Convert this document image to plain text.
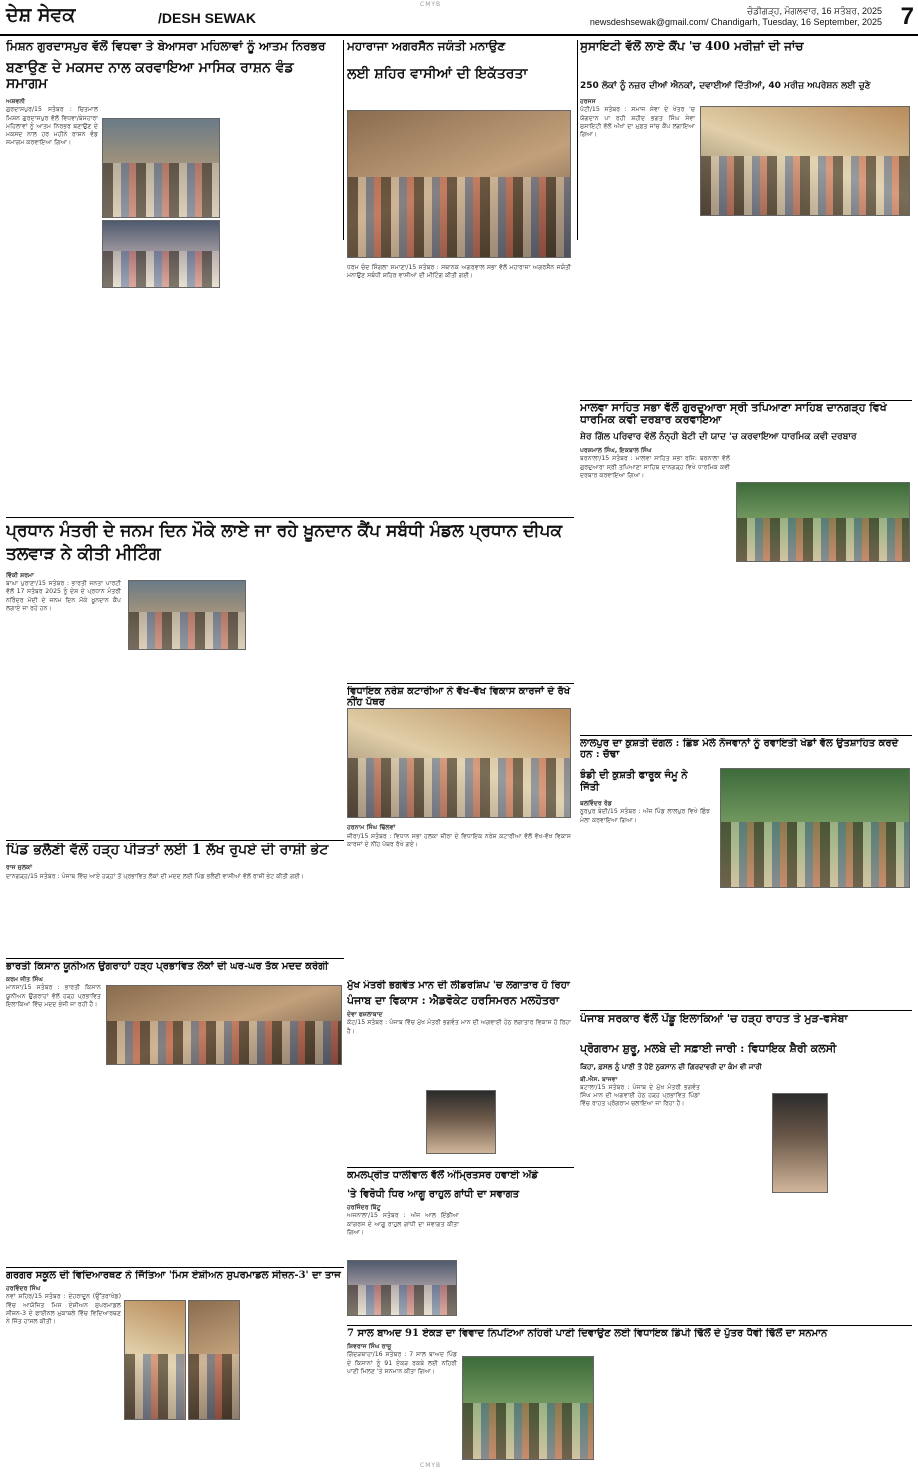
CMYB
ਦੇਸ਼ ਸੇਵਕ	/DESH SEWAK	ਚੰਡੀਗੜ੍ਹ, ਮੰਗਲਵਾਰ, 16 ਸਤੰਬਰ, 2025
newsdeshsewak@gmail.com/ Chandigarh, Tuesday, 16 September, 2025 7
ਮਿਸ਼ਨ ਗੁਰਦਾਸਪੁਰ ਵੱਲੋਂ ਵਿਧਵਾ ਤੇ ਬੇਆਸਰਾ ਮਹਿਲਾਵਾਂ ਨੂੰ ਆਤਮ ਨਿਰਭਰ
ਬਣਾਉਣ ਦੇ ਮਕਸਦ ਨਾਲ ਕਰਵਾਇਆ ਮਾਸਿਕ ਰਾਸ਼ਨ ਵੰਡ ਸਮਾਗਮ
ਅਸ਼ਵਨੀ
ਗੁਰਦਾਸਪੁਰ/15 ਸਤੰਬਰ : ਚਿਤਮਾਲ ਮਿਸ਼ਨ ਗੁਰਦਾਸਪੁਰ ਵੱਲੋਂ ਵਿਧਵਾ/ਬੇਸਹਾਰਾ ਮਹਿਲਾਵਾਂ ਨੂੰ ਆਤਮ ਨਿਰਭਰ ਬਣਾਉਣ ਦੇ ਮਕਸਦ ਨਾਲ ਹਰ ਮਹੀਨੇ ਰਾਸ਼ਨ ਵੰਡ ਸਮਾਗਮ ਕਰਵਾਇਆ ਗਿਆ।
ਮਹਾਰਾਜਾ ਅਗਰਸੈਨ ਜਯੰਤੀ ਮਨਾਉਣ
ਲਈ ਸ਼ਹਿਰ ਵਾਸੀਆਂ ਦੀ ਇਕੱਤਰਤਾ
ਧਰਮ ਚੰਦ ਸਿੰਗਲਾ ਸਮਾਣਾ/15 ਸਤੰਬਰ : ਸਥਾਨਕ ਅਗਰਵਾਲ ਸਭਾ ਵੱਲੋਂ ਮਹਾਰਾਜਾ ਅਗਰਸੈਨ ਜਯੰਤੀ ਮਨਾਉਣ ਸਬੰਧੀ ਸ਼ਹਿਰ ਵਾਸੀਆਂ ਦੀ ਮੀਟਿੰਗ ਕੀਤੀ ਗਈ।
ਸੁਸਾਇਟੀ ਵੱਲੋਂ ਲਾਏ ਕੈਂਪ 'ਚ 400 ਮਰੀਜ਼ਾਂ ਦੀ ਜਾਂਚ
250 ਲੋਕਾਂ ਨੂੰ ਨਜ਼ਰ ਦੀਆਂ ਐਨਕਾਂ, ਦਵਾਈਆਂ ਦਿੱਤੀਆਂ, 40 ਮਰੀਜ਼ ਅਪਰੇਸ਼ਨ ਲਈ ਚੁਣੇ
ਹਰਜਸ
ਪੱਟੀ/15 ਸਤੰਬਰ : ਸਮਾਜ ਸੇਵਾ ਦੇ ਖੇਤਰ 'ਚ ਯੋਗਦਾਨ ਪਾ ਰਹੀ ਸ਼ਹੀਦ ਭਗਤ ਸਿੰਘ ਸੇਵਾ ਸੁਸਾਇਟੀ ਵੱਲੋਂ ਅੱਖਾਂ ਦਾ ਮੁਫ਼ਤ ਜਾਂਚ ਕੈਂਪ ਲਗਾਇਆ ਗਿਆ।
ਪ੍ਰਧਾਨ ਮੰਤਰੀ ਦੇ ਜਨਮ ਦਿਨ ਮੌਕੇ ਲਾਏ ਜਾ ਰਹੇ ਖ਼ੂਨਦਾਨ ਕੈਂਪ ਸਬੰਧੀ ਮੰਡਲ ਪ੍ਰਧਾਨ ਦੀਪਕ ਤਲਵਾੜ ਨੇ ਕੀਤੀ ਮੀਟਿੰਗ
ਵਿੱਕੀ ਸ਼ਰਮਾ
ਬਾਘਾ ਪੁਰਾਣਾ/15 ਸਤੰਬਰ : ਭਾਰਤੀ ਜਨਤਾ ਪਾਰਟੀ ਵੱਲੋਂ 17 ਸਤੰਬਰ 2025 ਨੂੰ ਦੇਸ਼ ਦੇ ਪ੍ਰਧਾਨ ਮੰਤਰੀ ਨਰਿੰਦਰ ਮੋਦੀ ਦੇ ਜਨਮ ਦਿਨ ਮੌਕੇ ਖ਼ੂਨਦਾਨ ਕੈਂਪ ਲਗਾਏ ਜਾ ਰਹੇ ਹਨ।
ਮਾਲਵਾ ਸਾਹਿਤ ਸਭਾ ਵੱਲੋਂ ਗੁਰਦੁਆਰਾ ਸ੍ਰੀ ਤਪਿਆਣਾ ਸਾਹਿਬ ਦਾਨਗੜ੍ਹ ਵਿਖੇ ਧਾਰਮਿਕ ਕਵੀ ਦਰਬਾਰ ਕਰਵਾਇਆ
ਸ਼ੇਰ ਗਿੱਲ ਪਰਿਵਾਰ ਵੱਲੋਂ ਨੰਨ੍ਹੀ ਬੇਟੀ ਦੀ ਯਾਦ 'ਚ ਕਰਵਾਇਆ ਧਾਰਮਿਕ ਕਵੀ ਦਰਬਾਰ
ਪਰਸ਼ਮਾਲ ਸਿੰਘ, ਇਕਬਾਲ ਸਿੰਘ
ਬਰਨਾਲਾ/15 ਸਤੰਬਰ : ਮਾਲਵਾ ਸਾਹਿਤ ਸਭਾ ਰਜਿ: ਬਰਨਾਲਾ ਵੱਲੋਂ ਗੁਰਦੁਆਰਾ ਸ੍ਰੀ ਤਪਿਆਣਾ ਸਾਹਿਬ ਦਾਨਗੜ੍ਹ ਵਿਖੇ ਧਾਰਮਿਕ ਕਵੀ ਦਰਬਾਰ ਕਰਵਾਇਆ ਗਿਆ।
ਵਿਧਾਇਕ ਨਰੇਸ਼ ਕਟਾਰੀਆ ਨੇ ਵੱਖ-ਵੱਖ ਵਿਕਾਸ ਕਾਰਜਾਂ ਦੇ ਰੱਖੇ ਨੀਂਹ ਪੱਥਰ
ਹਰਨਾਮ ਸਿੰਘ ਢਿੱਲਵਾਂ
ਜ਼ੀਰਾ/15 ਸਤੰਬਰ : ਵਿਧਾਨ ਸਭਾ ਹਲਕਾ ਜ਼ੀਰਾ ਦੇ ਵਿਧਾਇਕ ਨਰੇਸ਼ ਕਟਾਰੀਆ ਵੱਲੋਂ ਵੱਖ-ਵੱਖ ਵਿਕਾਸ ਕਾਰਜਾਂ ਦੇ ਨੀਂਹ ਪੱਥਰ ਰੱਖੇ ਗਏ।
ਪਿੰਡ ਭਲੈਣੀ ਵੱਲੋਂ ਹੜ੍ਹ ਪੀੜਤਾਂ ਲਈ 1 ਲੱਖ ਰੁਪਏ ਦੀ ਰਾਸ਼ੀ ਭੇਟ
ਰਾਜ ਜੁਲਕਾਂ
ਦਾਨਗੜ੍ਹ/15 ਸਤੰਬਰ : ਪੰਜਾਬ ਵਿੱਚ ਆਏ ਹੜ੍ਹਾਂ ਤੋਂ ਪ੍ਰਭਾਵਿਤ ਲੋਕਾਂ ਦੀ ਮਦਦ ਲਈ ਪਿੰਡ ਭਲੈਣੀ ਵਾਸੀਆਂ ਵੱਲੋਂ ਰਾਸ਼ੀ ਭੇਟ ਕੀਤੀ ਗਈ।
ਲਾਲਪੁਰ ਦਾ ਕੁਸ਼ਤੀ ਦੰਗਲ : ਛਿੰਝ ਮੇਲੇ ਨੌਜਵਾਨਾਂ ਨੂੰ ਰਵਾਇਤੀ ਖੇਡਾਂ ਵੱਲ ਉਤਸ਼ਾਹਿਤ ਕਰਦੇ ਹਨ : ਚੱਢਾ
ਝੰਡੀ ਦੀ ਕੁਸ਼ਤੀ ਫਾਰੂਕ ਜੰਮੂ ਨੇ ਜਿੱਤੀ
ਬਲਵਿੰਦਰ ਰੋਡ
ਨੂਰਪੁਰ ਬੇਦੀ/15 ਸਤੰਬਰ : ਅੱਜ ਪਿੰਡ ਲਾਲਪੁਰ ਵਿਖੇ ਛਿੰਝ ਮੇਲਾ ਕਰਵਾਇਆ ਗਿਆ।
ਮੁੱਖ ਮੰਤਰੀ ਭਗਵੰਤ ਮਾਨ ਦੀ ਲੀਡਰਸ਼ਿਪ 'ਚ ਲਗਾਤਾਰ ਹੋ ਰਿਹਾ
ਪੰਜਾਬ ਦਾ ਵਿਕਾਸ : ਐਡਵੋਕੇਟ ਹਰਸਿਮਰਨ ਮਲਹੋਤਰਾ
ਦੇਵਾ ਫਜ਼ਲਾਬਾਦ
ਕੋਟ/15 ਸਤੰਬਰ : ਪੰਜਾਬ ਵਿੱਚ ਮੁੱਖ ਮੰਤਰੀ ਭਗਵੰਤ ਮਾਨ ਦੀ ਅਗਵਾਈ ਹੇਠ ਲਗਾਤਾਰ ਵਿਕਾਸ ਹੋ ਰਿਹਾ ਹੈ।
ਭਾਰਤੀ ਕਿਸਾਨ ਯੂਨੀਅਨ ਉਗਰਾਹਾਂ ਹੜ੍ਹ ਪ੍ਰਭਾਵਿਤ ਲੋਕਾਂ ਦੀ ਘਰ-ਘਰ ਤੱਕ ਮਦਦ ਕਰੇਗੀ
ਕਰਮ ਜੀਤ ਸਿੰਘ
ਮਾਨਸਾ/15 ਸਤੰਬਰ : ਭਾਰਤੀ ਕਿਸਾਨ ਯੂਨੀਅਨ ਉਗਰਾਹਾਂ ਵੱਲੋਂ ਹੜ੍ਹ ਪ੍ਰਭਾਵਿਤ ਇਲਾਕਿਆਂ ਵਿੱਚ ਮਦਦ ਭੇਜੀ ਜਾ ਰਹੀ ਹੈ।
ਕਮਲਪ੍ਰੀਤ ਧਾਲੀਵਾਲ ਵੱਲੋਂ ਅੰਮ੍ਰਿਤਸਰ ਹਵਾਈ ਅੱਡੇ
'ਤੇ ਵਿਰੋਧੀ ਧਿਰ ਆਗੂ ਰਾਹੁਲ ਗਾਂਧੀ ਦਾ ਸਵਾਗਤ
ਹਰਜਿੰਦਰ ਬਿੱਟੂ
ਅਜਨਾਲਾ/15 ਸਤੰਬਰ : ਅੱਜ ਆਲ ਇੰਡੀਆ ਕਾਂਗਰਸ ਦੇ ਆਗੂ ਰਾਹੁਲ ਗਾਂਧੀ ਦਾ ਸਵਾਗਤ ਕੀਤਾ ਗਿਆ।
ਪੰਜਾਬ ਸਰਕਾਰ ਵੱਲੋਂ ਪੇਂਡੂ ਇਲਾਕਿਆਂ 'ਚ ਹੜ੍ਹ ਰਾਹਤ ਤੇ ਮੁੜ-ਵਸੇਬਾ
ਪ੍ਰੋਗਰਾਮ ਸ਼ੁਰੂ, ਮਲਬੇ ਦੀ ਸਫ਼ਾਈ ਜਾਰੀ : ਵਿਧਾਇਕ ਸ਼ੈਰੀ ਕਲਸੀ
ਕਿਹਾ, ਫ਼ਸਲ ਨੂੰ ਪਾਣੀ ਤੋਂ ਹੋਏ ਨੁਕਸਾਨ ਦੀ ਗਿਰਦਾਵਰੀ ਦਾ ਕੰਮ ਵੀ ਜਾਰੀ
ਬੀ.ਐਸ. ਬਾਜਵਾ
ਬਟਾਲਾ/15 ਸਤੰਬਰ : ਪੰਜਾਬ ਦੇ ਮੁੱਖ ਮੰਤਰੀ ਭਗਵੰਤ ਸਿੰਘ ਮਾਨ ਦੀ ਅਗਵਾਈ ਹੇਠ ਹੜ੍ਹ ਪ੍ਰਭਾਵਿਤ ਪਿੰਡਾਂ ਵਿੱਚ ਰਾਹਤ ਪ੍ਰੋਗਰਾਮ ਚਲਾਇਆ ਜਾ ਰਿਹਾ ਹੈ।
ਗਰਗਰ ਸਕੂਲ ਦੀ ਵਿਦਿਆਰਥਣ ਨੇ ਜਿੱਤਿਆ 'ਮਿਸ ਏਸ਼ੀਅਨ ਸੁਪਰਮਾਡਲ ਸੀਜ਼ਨ-3' ਦਾ ਤਾਜ
ਹਰਵਿੰਦਰ ਸਿੰਘ
ਨਵਾਂ ਸ਼ਹਿਰ/15 ਸਤੰਬਰ : ਦੇਹਰਾਦੂਨ (ਉੱਤਰਾਖੰਡ) ਵਿੱਚ ਆਯੋਜਿਤ ਮਿਸ ਏਸ਼ੀਅਨ ਸੁਪਰਮਾਡਲ ਸੀਜ਼ਨ-3 ਦੇ ਫਾਈਨਲ ਮੁਕਾਬਲੇ ਵਿੱਚ ਵਿਦਿਆਰਥਣ ਨੇ ਜਿੱਤ ਹਾਸਲ ਕੀਤੀ।
7 ਸਾਲ ਬਾਅਦ 91 ਏਕੜ ਦਾ ਵਿਵਾਦ ਨਿਪਟਿਆ ਨਹਿਰੀ ਪਾਣੀ ਦਿਵਾਉਣ ਲਈ ਵਿਧਾਇਕ ਡਿੰਪੀ ਢਿੱਲੋਂ ਦੇ ਪੁੱਤਰ ਧੈਵੀ ਢਿੱਲੋਂ ਦਾ ਸਨਮਾਨ
ਸ਼ਿਵਰਾਜ ਸਿੰਘ ਰਾਜੂ
ਗਿੱਦੜਬਾਹਾ/16 ਸਤੰਬਰ : 7 ਸਾਲ ਬਾਅਦ ਪਿੰਡ ਦੇ ਕਿਸਾਨਾਂ ਨੂੰ 91 ਏਕੜ ਰਕਬੇ ਲਈ ਨਹਿਰੀ ਪਾਣੀ ਮਿਲਣ 'ਤੇ ਸਨਮਾਨ ਕੀਤਾ ਗਿਆ।
CMYB
